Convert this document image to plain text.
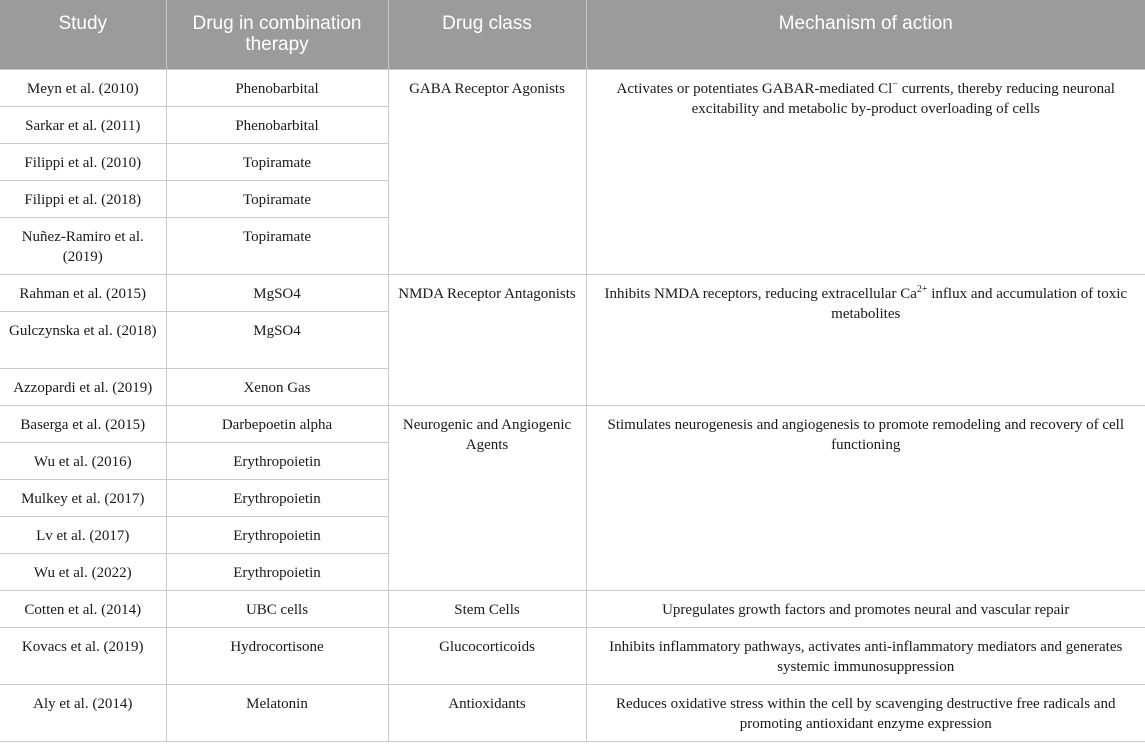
Study	Drug in combination therapy	Drug class	Mechanism of action
Meyn et al. (2010)	Phenobarbital	GABA Receptor Agonists	Activates or potentiates GABAR-mediated Cl− currents, thereby reducing neuronal excitability and metabolic by-product overloading of cells
Sarkar et al. (2011)	Phenobarbital		
Filippi et al. (2010)	Topiramate		
Filippi et al. (2018)	Topiramate		
Nuñez-Ramiro et al. (2019)	Topiramate		
Rahman et al. (2015)	MgSO4	NMDA Receptor Antagonists	Inhibits NMDA receptors, reducing extracellular $Ca^{2+}$ influx and accumulation of toxic metabolites
Gulczynska et al. (2018)	MgSO4		
Azzopardi et al. (2019)	Xenon Gas		
Baserga et al. (2015)	Darbepoetin alpha	Neurogenic and Angiogenic Agents	Stimulates neurogenesis and angiogenesis to promote remodeling and recovery of cell functioning
Wu et al. (2016)	Erythropoietin		
Mulkey et al. (2017)	Erythropoietin		
Lv et al. (2017)	Erythropoietin		
Wu et al. (2022)	Erythropoietin		
Cotten et al. (2014)	UBC cells	Stem Cells	Upregulates growth factors and promotes neural and vascular repair
Kovacs et al. (2019)	Hydrocortisone	Glucocorticoids	Inhibits inflammatory pathways, activates anti-inflammatory mediators and generates systemic immunosuppression
Aly et al. (2014)	Melatonin	Antioxidants	Reduces oxidative stress within the cell by scavenging destructive free radicals and promoting antioxidant enzyme expression
